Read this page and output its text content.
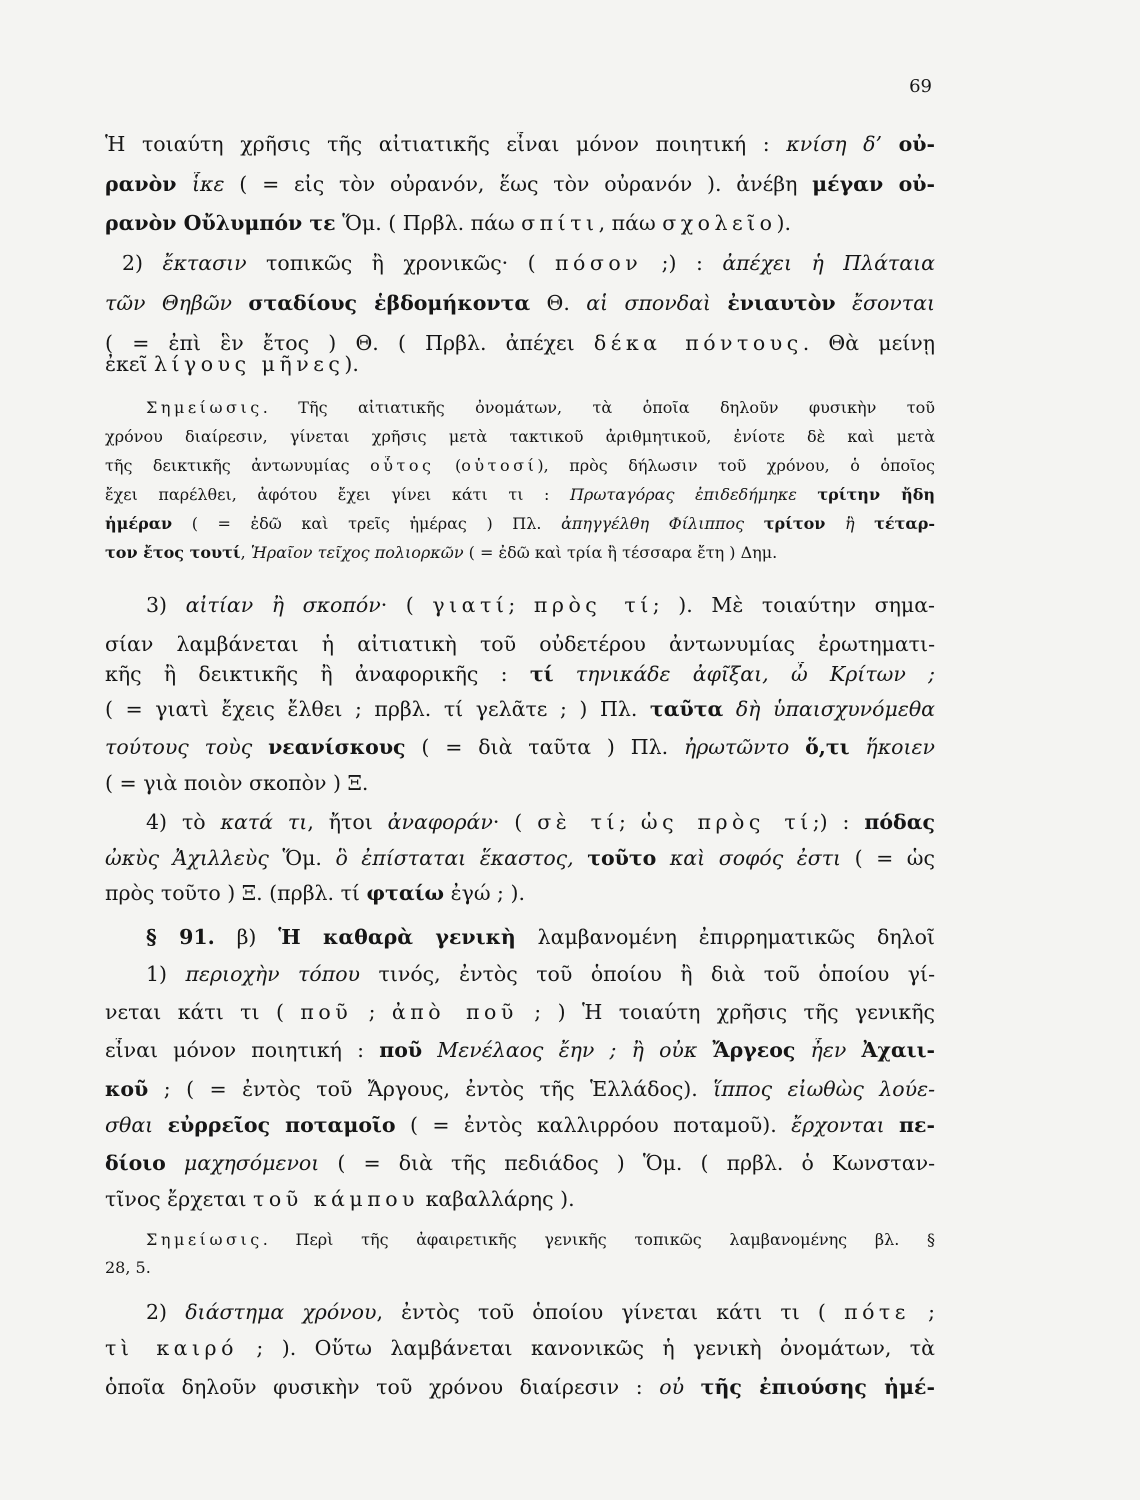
69
Ἡ τοιαύτη χρῆσις τῆς αἰτιατικῆς εἶναι μόνον ποιητική : κνίση δ’ οὐ-
ρανὸν ἷκε ( = εἰς τὸν οὐρανόν, ἕως τὸν οὐρανόν ). ἀνέβη μέγαν οὐ-
ρανὸν Οὔλυμπόν τε Ὅμ. ( Πρβλ. πάω σπίτι, πάω σχολεῖο).
2) ἔκτασιν τοπικῶς ἢ χρονικῶς· ( πόσον ;) : ἀπέχει ἡ Πλάταια
τῶν Θηβῶν σταδίους ἑβδομήκοντα Θ. αἱ σπονδαὶ ἐνιαυτὸν ἔσονται
( = ἐπὶ ἓν ἔτος ) Θ. ( Πρβλ. ἀπέχει δέκα πόντους. Θὰ μείνῃ
ἐκεῖ λίγους μῆνες).
Σημείωσις. Τῆς αἰτιατικῆς ὀνομάτων, τὰ ὁποῖα δηλοῦν φυσικὴν τοῦ
χρόνου διαίρεσιν, γίνεται χρῆσις μετὰ τακτικοῦ ἀριθμητικοῦ, ἐνίοτε δὲ καὶ μετὰ
τῆς δεικτικῆς ἀντωνυμίας οὗτος (οὑτοσί), πρὸς δήλωσιν τοῦ χρόνου, ὁ ὁποῖος
ἔχει παρέλθει, ἀφότου ἔχει γίνει κάτι τι : Πρωταγόρας ἐπιδεδήμηκε τρίτην ἤδη
ἡμέραν ( = ἐδῶ καὶ τρεῖς ἡμέρας ) Πλ. ἀπηγγέλθη Φίλιππος τρίτον ἢ τέταρ-
τον ἔτος τουτί, Ἡραῖον τεῖχος πολιορκῶν ( = ἐδῶ καὶ τρία ἢ τέσσαρα ἔτη ) Δημ.
3) αἰτίαν ἢ σκοπόν· ( γιατί; πρὸς τί; ). Μὲ τοιαύτην σημα-
σίαν λαμβάνεται ἡ αἰτιατικὴ τοῦ οὐδετέρου ἀντωνυμίας ἐρωτηματι-
κῆς ἢ δεικτικῆς ἢ ἀναφορικῆς : τί τηνικάδε ἀφῖξαι, ὦ Κρίτων ;
( = γιατὶ ἔχεις ἔλθει ; πρβλ. τί γελᾶτε ; ) Πλ. ταῦτα δὴ ὑπαισχυνόμεθα
τούτους τοὺς νεανίσκους ( = διὰ ταῦτα ) Πλ. ἠρωτῶντο ὅ,τι ἥκοιεν
( = γιὰ ποιὸν σκοπὸν ) Ξ.
4) τὸ κατά τι, ἤτοι ἀναφοράν· ( σὲ τί; ὡς πρὸς τί;) : πόδας
ὠκὺς Ἀχιλλεὺς Ὅμ. ὃ ἐπίσταται ἕκαστος, τοῦτο καὶ σοφός ἐστι ( = ὡς
πρὸς τοῦτο ) Ξ. (πρβλ. τί φταίω ἐγώ ; ).
§ 91. β) Ἡ καθαρὰ γενικὴ λαμβανομένη ἐπιρρηματικῶς δηλοῖ
1) περιοχὴν τόπου τινός, ἐντὸς τοῦ ὁποίου ἢ διὰ τοῦ ὁποίου γί-
νεται κάτι τι ( ποῦ ; ἀπὸ ποῦ ; ) Ἡ τοιαύτη χρῆσις τῆς γενικῆς
εἶναι μόνον ποιητική : ποῦ Μενέλαος ἔην ; ἢ οὐκ Ἄργεος ἦεν Ἀχαιι-
κοῦ ; ( = ἐντὸς τοῦ Ἄργους, ἐντὸς τῆς Ἑλλάδος). ἵππος εἰωθὼς λούε-
σθαι εὐρρεῖος ποταμοῖο ( = ἐντὸς καλλιρρόου ποταμοῦ). ἔρχονται πε-
δίοιο μαχησόμενοι ( = διὰ τῆς πεδιάδος ) Ὅμ. ( πρβλ. ὁ Κωνσταν-
τῖνος ἔρχεται τοῦ κάμπου καβαλλάρης ).
Σημείωσις. Περὶ τῆς ἀφαιρετικῆς γενικῆς τοπικῶς λαμβανομένης βλ. §
28, 5.
2) διάστημα χρόνου, ἐντὸς τοῦ ὁποίου γίνεται κάτι τι ( πότε ;
τὶ καιρό ; ). Οὕτω λαμβάνεται κανονικῶς ἡ γενικὴ ὀνομάτων, τὰ
ὁποῖα δηλοῦν φυσικὴν τοῦ χρόνου διαίρεσιν : οὐ τῆς ἐπιούσης ἡμέ-
